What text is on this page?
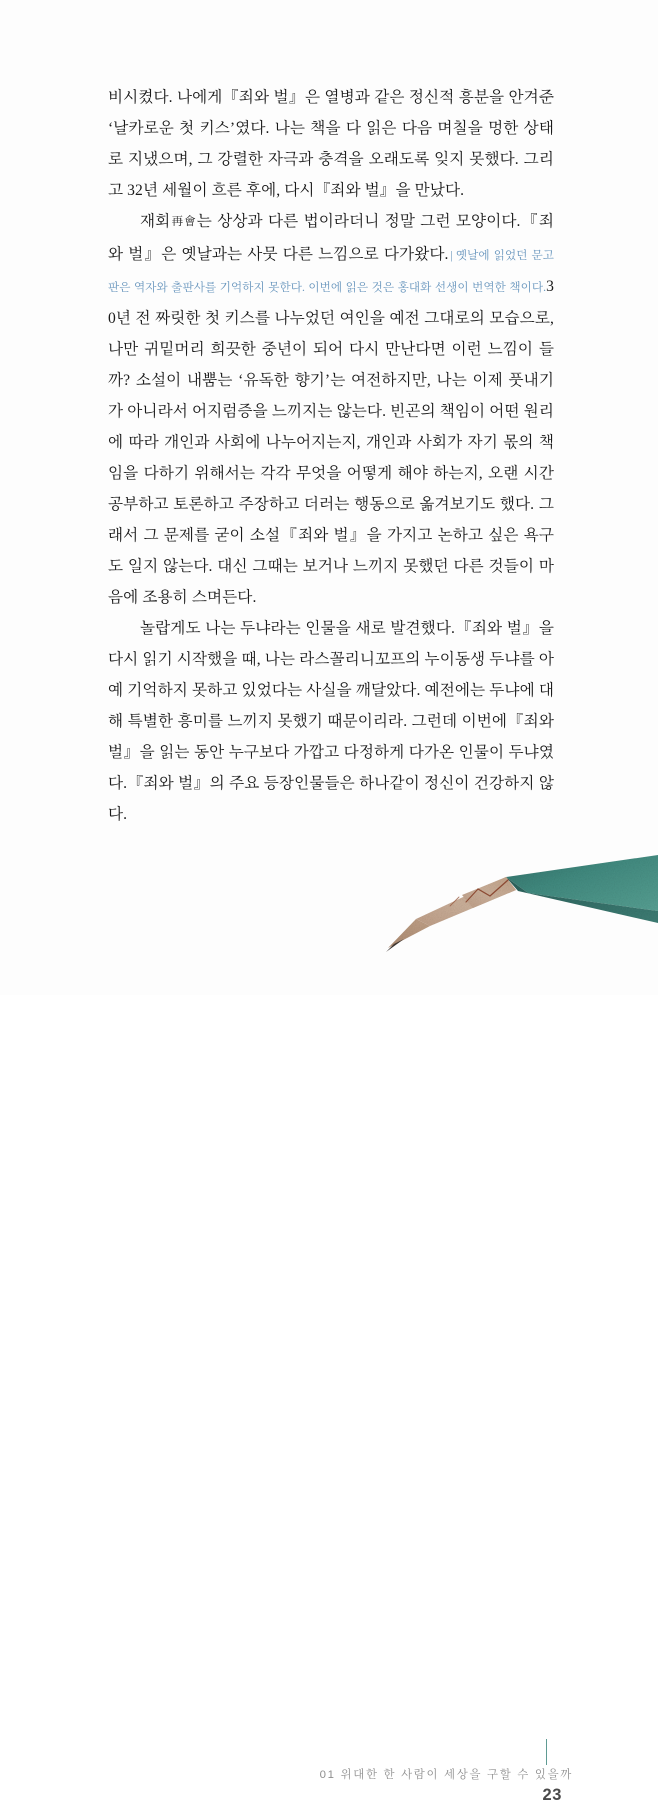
비시켰다. 나에게『죄와 벌』은 열병과 같은 정신적 흥분을 안겨준 ‘날카로운 첫 키스’였다. 나는 책을 다 읽은 다음 며칠을 멍한 상태로 지냈으며, 그 강렬한 자극과 충격을 오래도록 잊지 못했다. 그리고 32년 세월이 흐른 후에, 다시『죄와 벌』을 만났다.

재회再會는 상상과 다른 법이라더니 정말 그런 모양이다.『죄와 벌』은 옛날과는 사뭇 다른 느낌으로 다가왔다. | 옛날에 읽었던 문고판은 역자와 출판사를 기억하지 못한다. 이번에 읽은 것은 홍대화 선생이 번역한 책이다.30년 전 짜릿한 첫 키스를 나누었던 여인을 예전 그대로의 모습으로, 나만 귀밑머리 희끗한 중년이 되어 다시 만난다면 이런 느낌이 들까? 소설이 내뿜는 ‘유독한 향기’는 여전하지만, 나는 이제 풋내기가 아니라서 어지럼증을 느끼지는 않는다. 빈곤의 책임이 어떤 원리에 따라 개인과 사회에 나누어지는지, 개인과 사회가 자기 몫의 책임을 다하기 위해서는 각각 무엇을 어떻게 해야 하는지, 오랜 시간 공부하고 토론하고 주장하고 더러는 행동으로 옮겨보기도 했다. 그래서 그 문제를 굳이 소설『죄와 벌』을 가지고 논하고 싶은 욕구도 일지 않는다. 대신 그때는 보거나 느끼지 못했던 다른 것들이 마음에 조용히 스며든다.

놀랍게도 나는 두냐라는 인물을 새로 발견했다.『죄와 벌』을 다시 읽기 시작했을 때, 나는 라스꼴리니꼬프의 누이동생 두냐를 아예 기억하지 못하고 있었다는 사실을 깨달았다. 예전에는 두냐에 대해 특별한 흥미를 느끼지 못했기 때문이리라. 그런데 이번에『죄와 벌』을 읽는 동안 누구보다 가깝고 다정하게 다가온 인물이 두냐였다.『죄와 벌』의 주요 등장인물들은 하나같이 정신이 건강하지 않다.

01 위대한 한 사람이 세상을 구할 수 있을까
23
